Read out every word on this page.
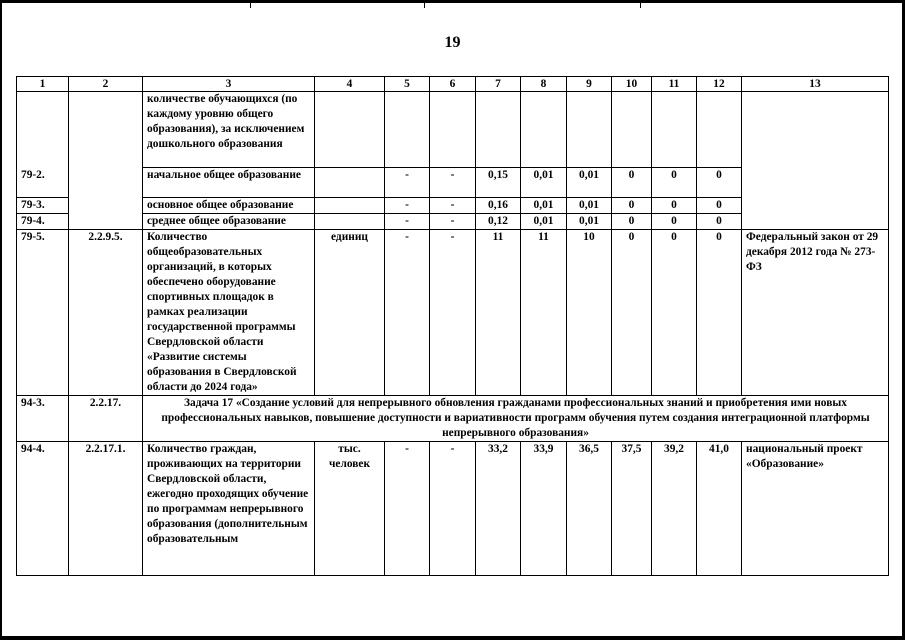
19
1	2	3	4	5	6	7	8	9	10	11	12	13
		количестве обучающихся (по каждому уровню общего образования), за исключением дошкольного образования										
79-2.		начальное общее образование		-	-	0,15	0,01	0,01	0	0	0	
79-3.		основное общее образование		-	-	0,16	0,01	0,01	0	0	0	
79-4.		среднее общее образование		-	-	0,12	0,01	0,01	0	0	0	
79-5.	2.2.9.5.	Количество общеобразовательных организаций, в которых обеспечено оборудование спортивных площадок в рамках реализации государственной программы Свердловской области «Развитие системы образования в Свердловской области до 2024 года»	единиц	-	-	11	11	10	0	0	0	Федеральный закон от 29 декабря 2012 года № 273-ФЗ
94-3.	2.2.17.	Задача 17 «Создание условий для непрерывного обновления гражданами профессиональных знаний и приобретения ими новых профессиональных навыков, повышение доступности и вариативности программ обучения путем создания интеграционной платформы непрерывного образования»										
94-4.	2.2.17.1.	Количество граждан, проживающих на территории Свердловской области, ежегодно проходящих обучение по программам непрерывного образования (дополнительным образовательным	тыс. человек	-	-	33,2	33,9	36,5	37,5	39,2	41,0	национальный проект «Образование»
